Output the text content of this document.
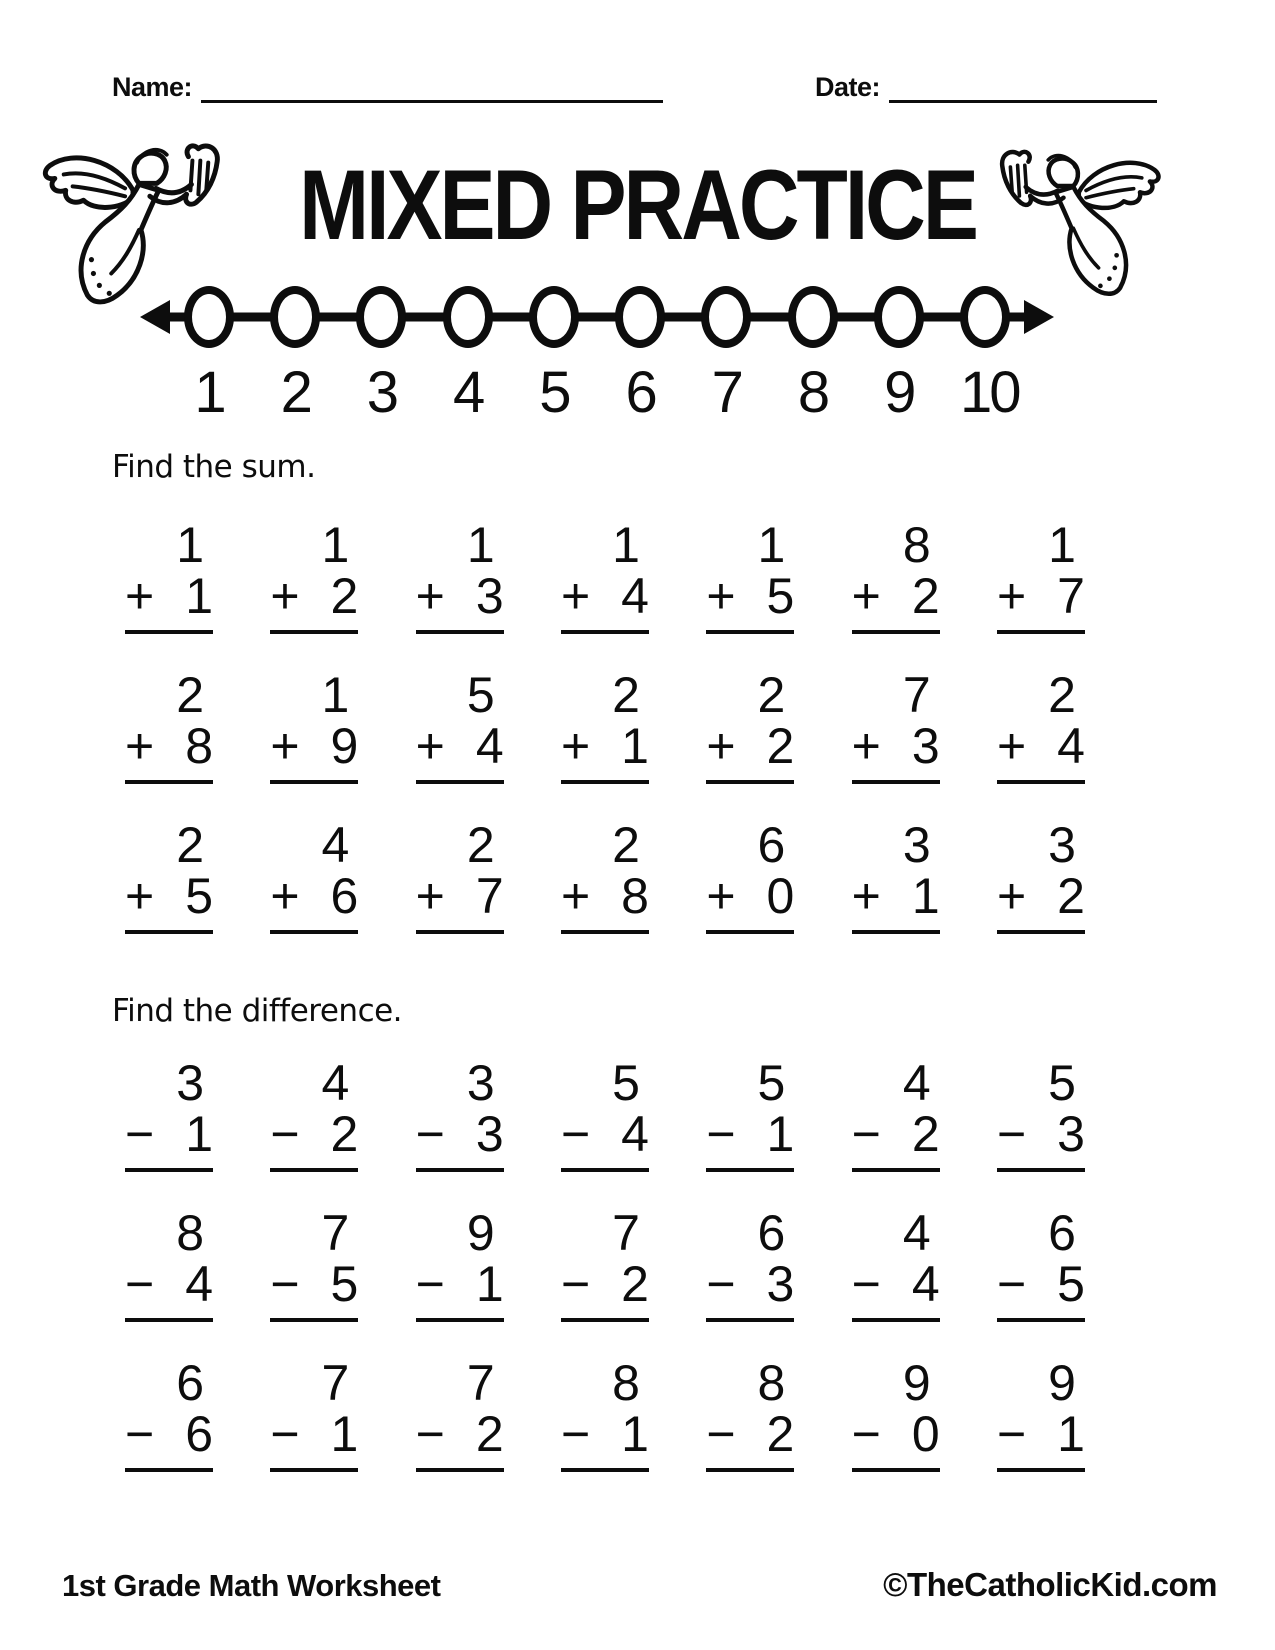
Name:	Date:
MIXED PRACTICE
1 2 3 4 5 6 7 8 9 10
Find the sum.
1
+ 1
1
+ 2
1
+ 3
1
+ 4
1
+ 5
8
+ 2
1
+ 7
2
+ 8
1
+ 9
5
+ 4
2
+ 1
2
+ 2
7
+ 3
2
+ 4
2
+ 5
4
+ 6
2
+ 7
2
+ 8
6
+ 0
3
+ 1
3
+ 2
Find the difference.
3
− 1
4
− 2
3
− 3
5
− 4
5
− 1
4
− 2
5
− 3
8
− 4
7
− 5
9
− 1
7
− 2
6
− 3
4
− 4
6
− 5
6
− 6
7
− 1
7
− 2
8
− 1
8
− 2
9
− 0
9
− 1
1st Grade Math Worksheet	©TheCatholicKid.com
